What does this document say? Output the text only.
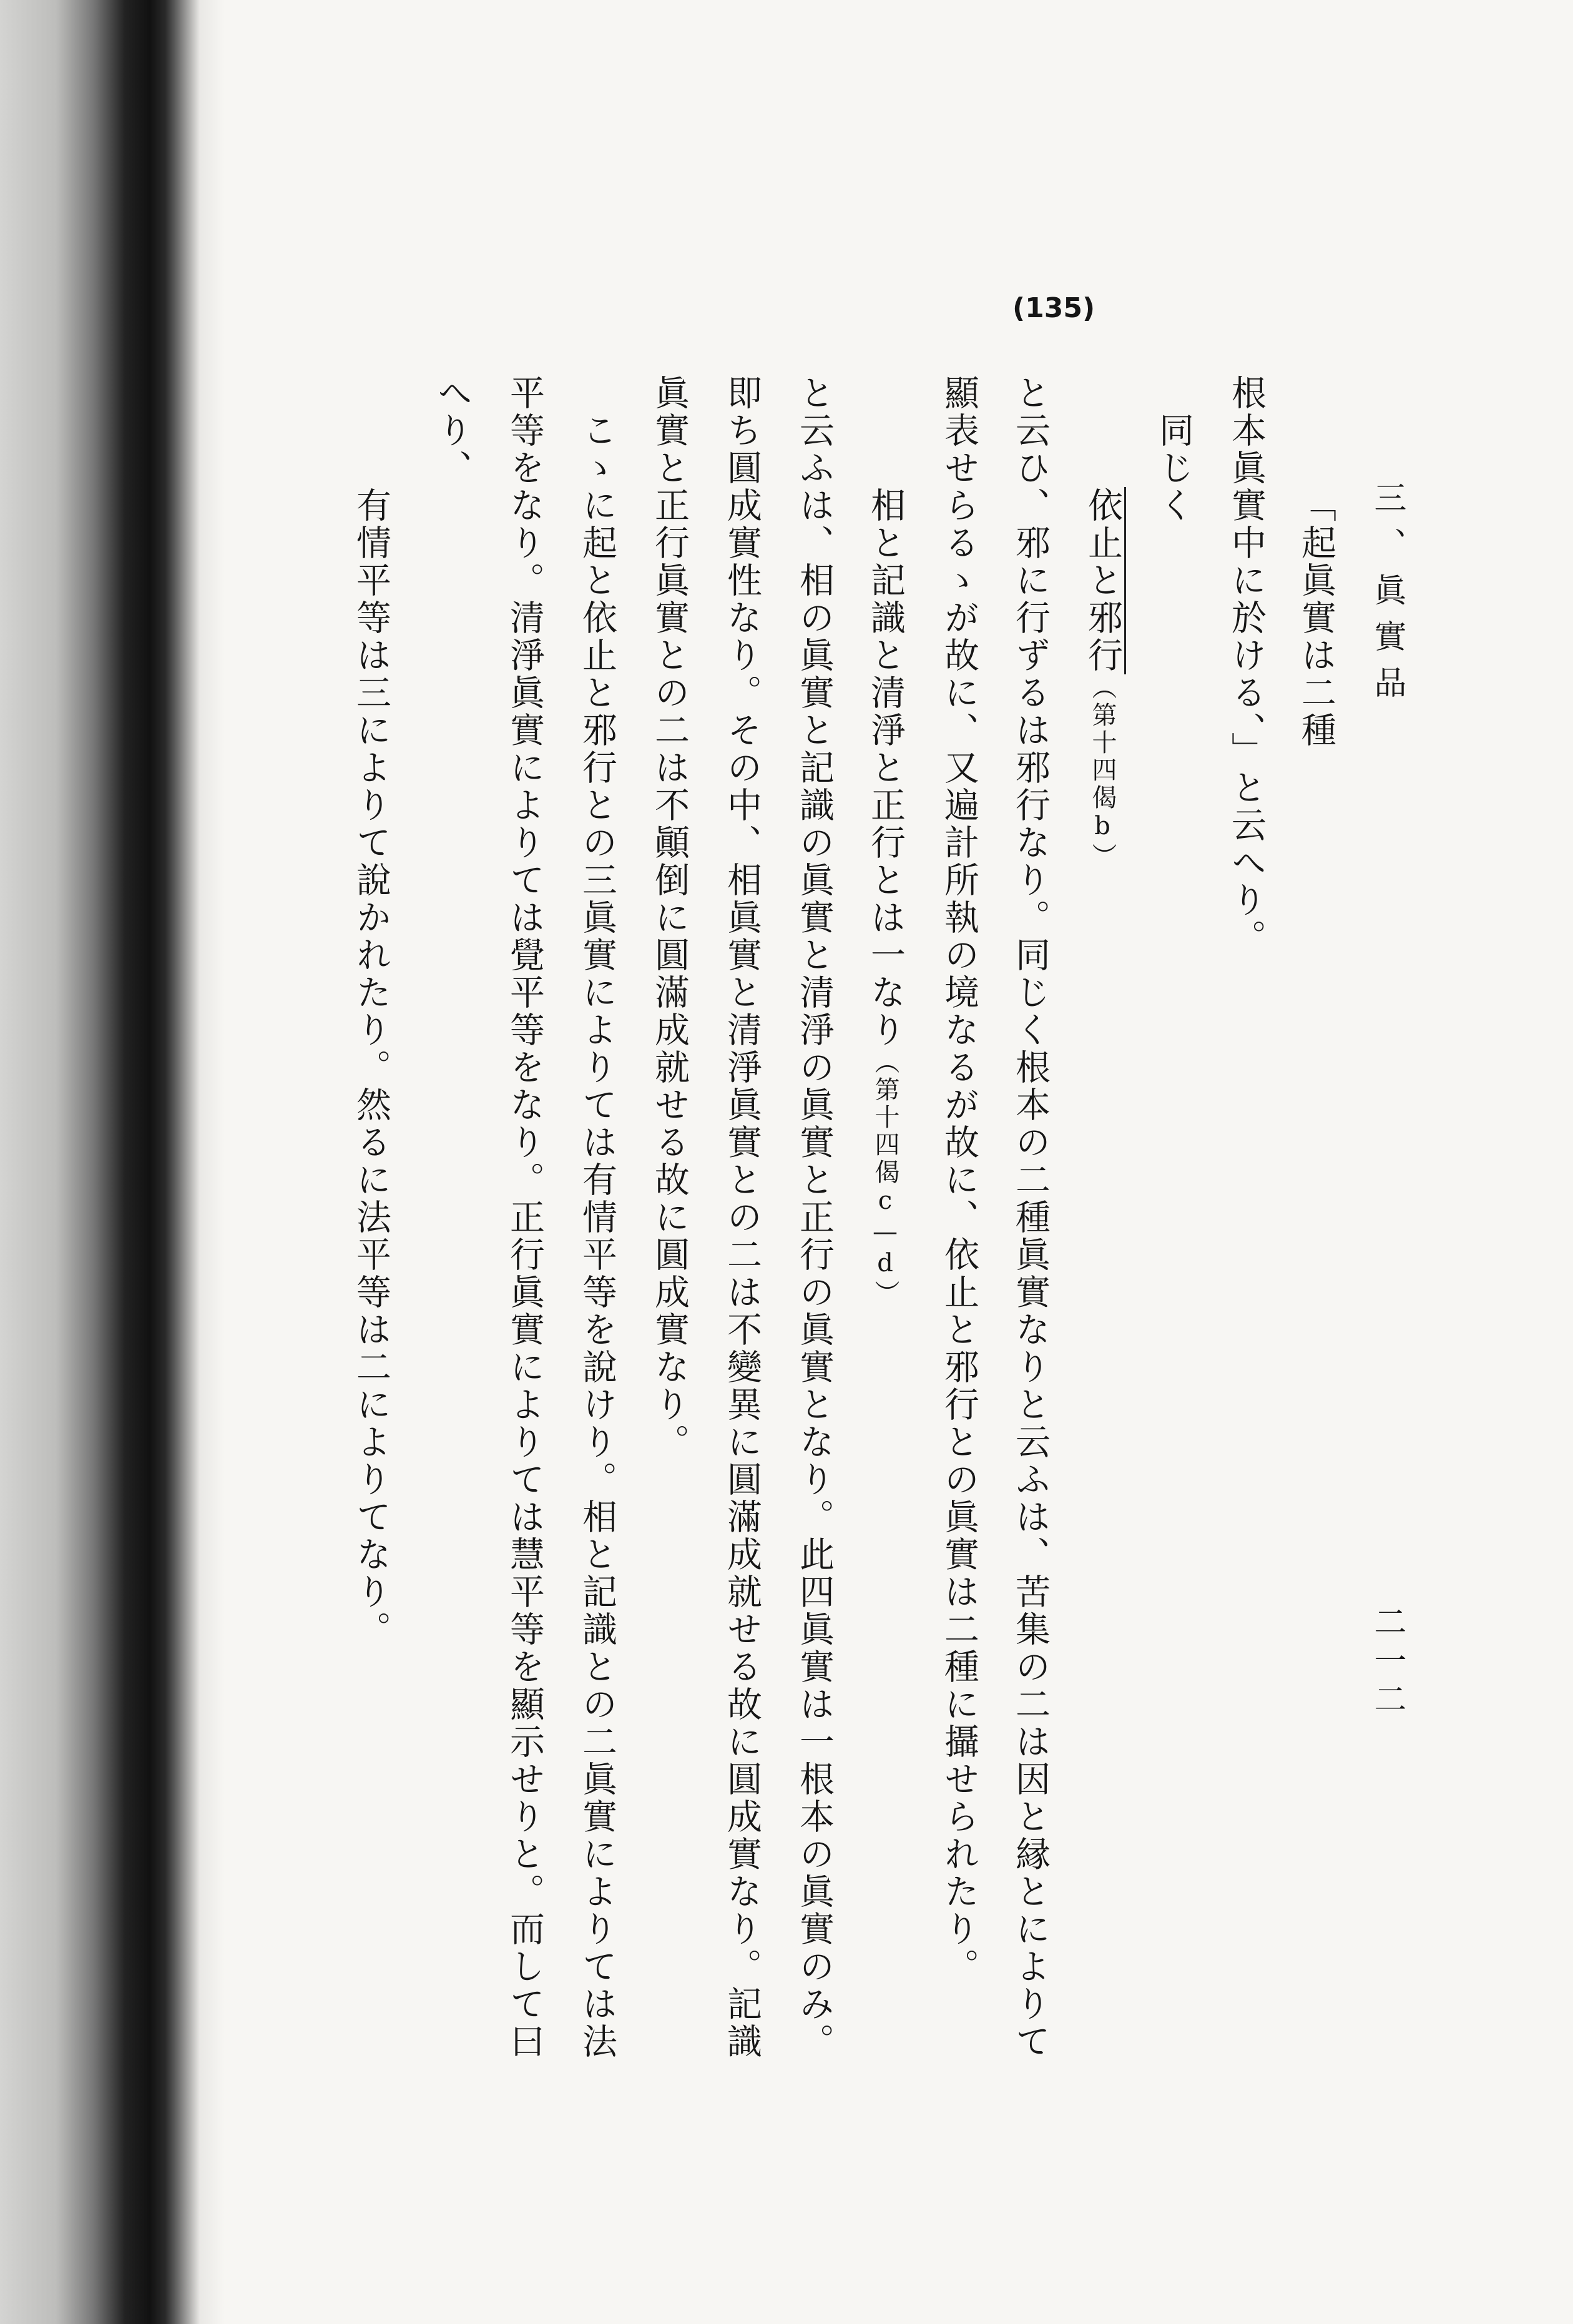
三、眞實品
(135)
二一二
「起眞實は二種
根本眞實中に於ける、」と云へり。
同じく
依止と邪行（第十四偈b）
と云ひ、邪に行ずるは邪行なり。同じく根本の二種眞實なりと云ふは、苦集の二は因と縁とによりて
顯表せらるゝが故に、又遍計所執の境なるが故に、依止と邪行との眞實は二種に攝せられたり。
相と記識と清淨と正行とは一なり（第十四偈c—d）
と云ふは、相の眞實と記識の眞實と清淨の眞實と正行の眞實となり。此四眞實は一根本の眞實のみ。
即ち圓成實性なり。その中、相眞實と清淨眞實との二は不變異に圓滿成就せる故に圓成實なり。記識
眞實と正行眞實との二は不顚倒に圓滿成就せる故に圓成實なり。
こゝに起と依止と邪行との三眞實によりては有情平等を說けり。相と記識との二眞實によりては法
平等をなり。清淨眞實によりては覺平等をなり。正行眞實によりては慧平等を顯示せりと。而して曰
へり、
有情平等は三によりて說かれたり。然るに法平等は二によりてなり。
